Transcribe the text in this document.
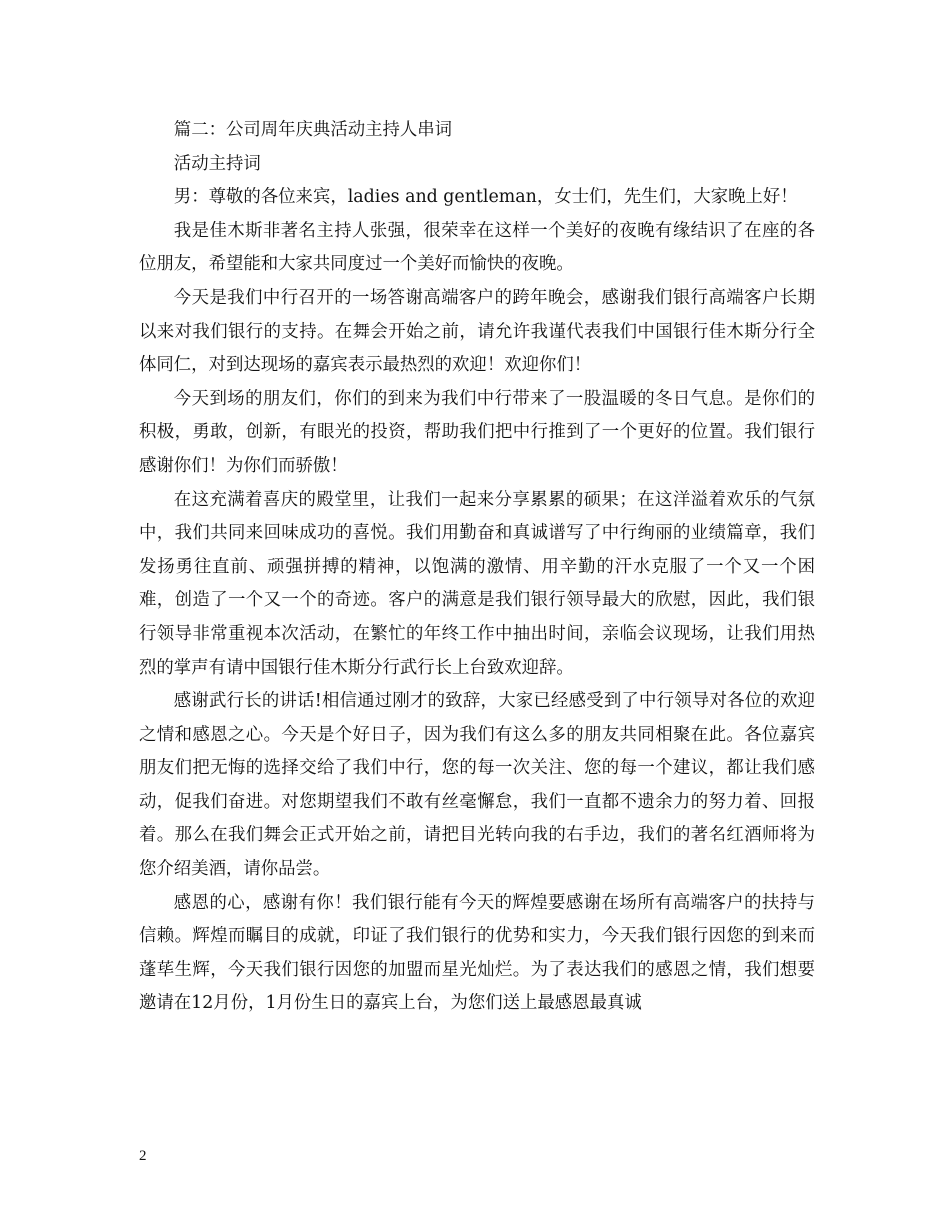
篇二：公司周年庆典活动主持人串词

活动主持词

男：尊敬的各位来宾，ladies and gentleman，女士们，先生们，大家晚上好！

我是佳木斯非著名主持人张强，很荣幸在这样一个美好的夜晚有缘结识了在座的各位朋友，希望能和大家共同度过一个美好而愉快的夜晚。

今天是我们中行召开的一场答谢高端客户的跨年晚会，感谢我们银行高端客户长期以来对我们银行的支持。在舞会开始之前，请允许我谨代表我们中国银行佳木斯分行全体同仁，对到达现场的嘉宾表示最热烈的欢迎！欢迎你们！

今天到场的朋友们，你们的到来为我们中行带来了一股温暖的冬日气息。是你们的积极，勇敢，创新，有眼光的投资，帮助我们把中行推到了一个更好的位置。我们银行感谢你们！为你们而骄傲！

在这充满着喜庆的殿堂里，让我们一起来分享累累的硕果；在这洋溢着欢乐的气氛中，我们共同来回味成功的喜悦。我们用勤奋和真诚谱写了中行绚丽的业绩篇章，我们发扬勇往直前、顽强拼搏的精神，以饱满的激情、用辛勤的汗水克服了一个又一个困难，创造了一个又一个的奇迹。客户的满意是我们银行领导最大的欣慰，因此，我们银行领导非常重视本次活动，在繁忙的年终工作中抽出时间，亲临会议现场，让我们用热烈的掌声有请中国银行佳木斯分行武行长上台致欢迎辞。

感谢武行长的讲话!相信通过刚才的致辞，大家已经感受到了中行领导对各位的欢迎之情和感恩之心。今天是个好日子，因为我们有这么多的朋友共同相聚在此。各位嘉宾朋友们把无悔的选择交给了我们中行，您的每一次关注、您的每一个建议，都让我们感动，促我们奋进。对您期望我们不敢有丝毫懈怠，我们一直都不遗余力的努力着、回报着。那么在我们舞会正式开始之前，请把目光转向我的右手边，我们的著名红酒师将为您介绍美酒，请你品尝。

感恩的心，感谢有你！我们银行能有今天的辉煌要感谢在场所有高端客户的扶持与信赖。辉煌而瞩目的成就，印证了我们银行的优势和实力，今天我们银行因您的到来而蓬荜生辉，今天我们银行因您的加盟而星光灿烂。为了表达我们的感恩之情，我们想要邀请在12月份，1月份生日的嘉宾上台，为您们送上最感恩最真诚

2
